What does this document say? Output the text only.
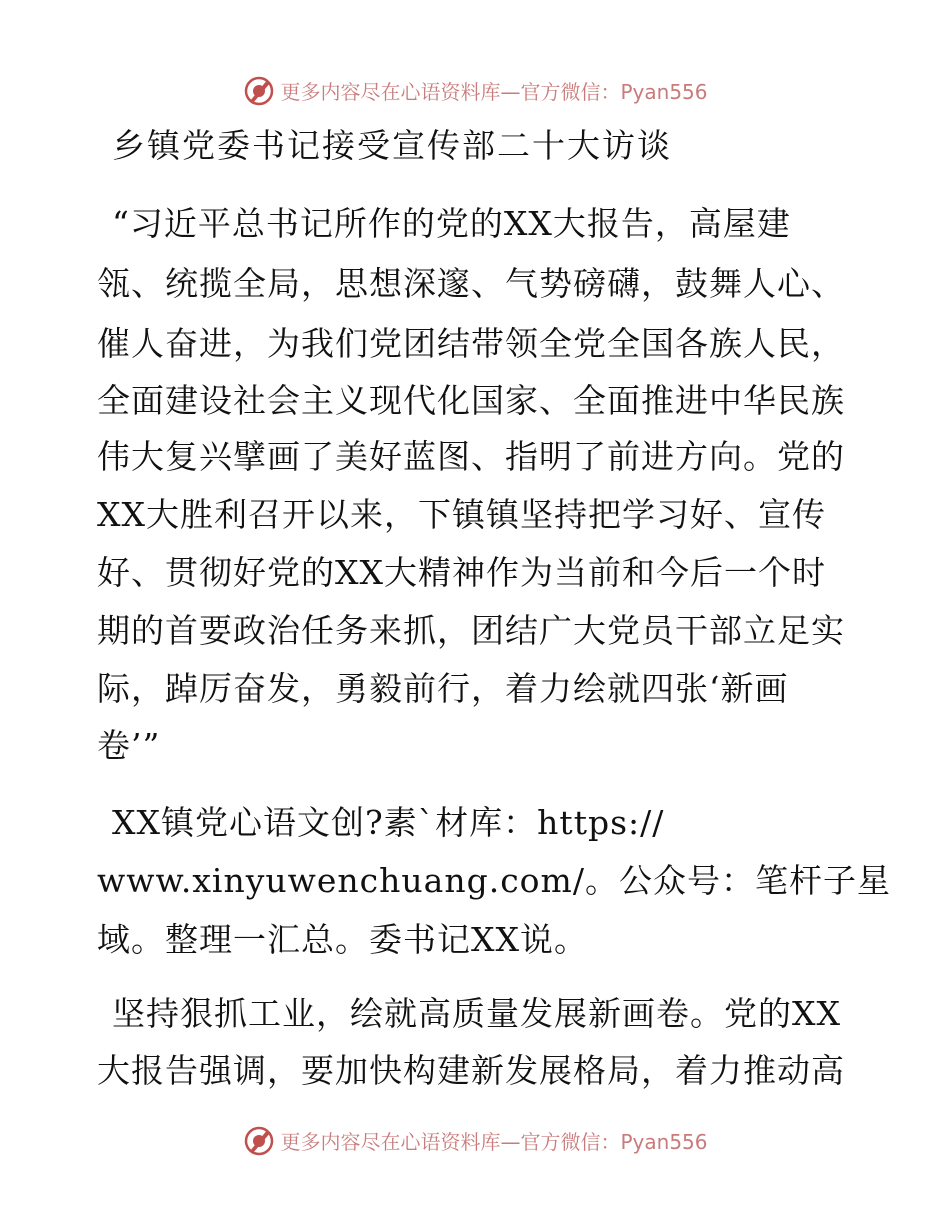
更多内容尽在心语资料库—官方微信：Pyan556
乡镇党委书记接受宣传部二十大访谈
“习近平总书记所作的党的XX大报告，高屋建
瓴、统揽全局，思想深邃、气势磅礴，鼓舞人心、
催人奋进，为我们党团结带领全党全国各族人民，
全面建设社会主义现代化国家、全面推进中华民族
伟大复兴擘画了美好蓝图、指明了前进方向。党的
XX大胜利召开以来，下镇镇坚持把学习好、宣传
好、贯彻好党的XX大精神作为当前和今后一个时
期的首要政治任务来抓，团结广大党员干部立足实
际，踔厉奋发，勇毅前行，着力绘就四张‘新画
卷’”
XX镇党心语文创?素`材库：https://
www.xinyuwenchuang.com/。公众号：笔杆子星
域。整理一汇总。委书记XX说。
坚持狠抓工业，绘就高质量发展新画卷。党的XX
大报告强调，要加快构建新发展格局，着力推动高
更多内容尽在心语资料库—官方微信：Pyan556
